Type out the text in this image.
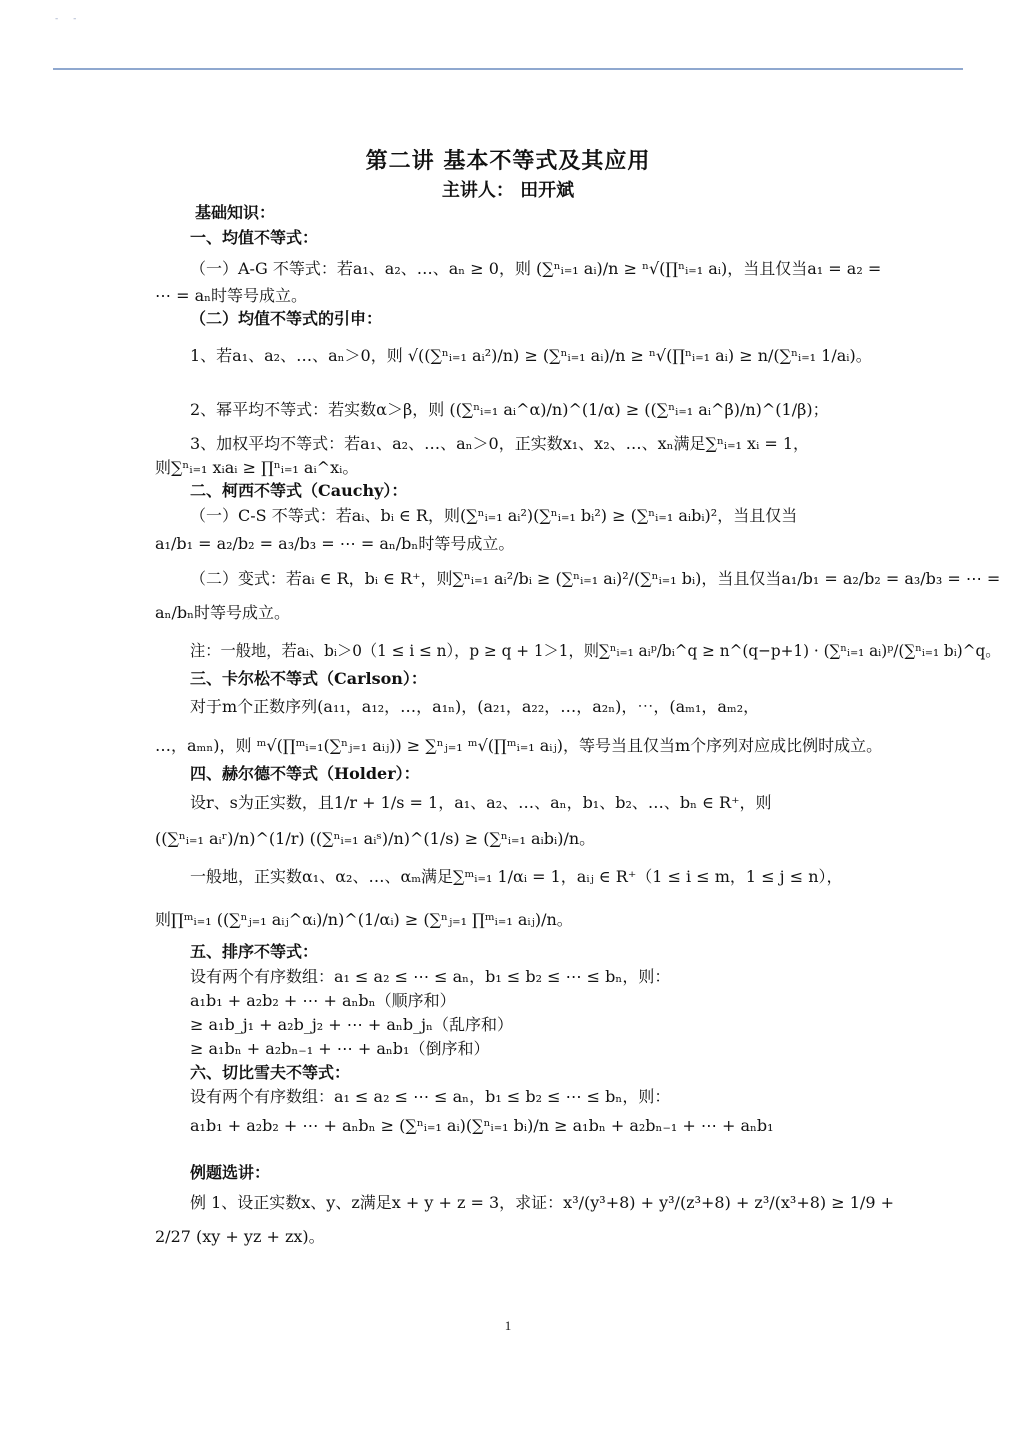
- -
第二讲 基本不等式及其应用
主讲人： 田开斌
基础知识：
一、均值不等式：
（一）A-G 不等式：若a₁、a₂、…、aₙ ≥ 0，则 (∑ⁿᵢ₌₁ aᵢ)/n ≥ ⁿ√(∏ⁿᵢ₌₁ aᵢ)，当且仅当a₁ = a₂ =
⋯ = aₙ时等号成立。
（二）均值不等式的引申：
1、若a₁、a₂、…、aₙ＞0，则 √((∑ⁿᵢ₌₁ aᵢ²)/n) ≥ (∑ⁿᵢ₌₁ aᵢ)/n ≥ ⁿ√(∏ⁿᵢ₌₁ aᵢ) ≥ n/(∑ⁿᵢ₌₁ 1/aᵢ)。
2、幂平均不等式：若实数α＞β，则 ((∑ⁿᵢ₌₁ aᵢ^α)/n)^(1/α) ≥ ((∑ⁿᵢ₌₁ aᵢ^β)/n)^(1/β)；
3、加权平均不等式：若a₁、a₂、…、aₙ＞0，正实数x₁、x₂、…、xₙ满足∑ⁿᵢ₌₁ xᵢ = 1，
则∑ⁿᵢ₌₁ xᵢaᵢ ≥ ∏ⁿᵢ₌₁ aᵢ^xᵢ。
二、柯西不等式（Cauchy）：
（一）C-S 不等式：若aᵢ、bᵢ ∈ R，则(∑ⁿᵢ₌₁ aᵢ²)(∑ⁿᵢ₌₁ bᵢ²) ≥ (∑ⁿᵢ₌₁ aᵢbᵢ)²，当且仅当
a₁/b₁ = a₂/b₂ = a₃/b₃ = ⋯ = aₙ/bₙ时等号成立。
（二）变式：若aᵢ ∈ R，bᵢ ∈ R⁺，则∑ⁿᵢ₌₁ aᵢ²/bᵢ ≥ (∑ⁿᵢ₌₁ aᵢ)²/(∑ⁿᵢ₌₁ bᵢ)，当且仅当a₁/b₁ = a₂/b₂ = a₃/b₃ = ⋯ =
aₙ/bₙ时等号成立。
注：一般地，若aᵢ、bᵢ＞0（1 ≤ i ≤ n），p ≥ q + 1＞1，则∑ⁿᵢ₌₁ aᵢᵖ/bᵢ^q ≥ n^(q−p+1) · (∑ⁿᵢ₌₁ aᵢ)ᵖ/(∑ⁿᵢ₌₁ bᵢ)^q。
三、卡尔松不等式（Carlson）：
对于m个正数序列(a₁₁，a₁₂，…，a₁ₙ)，(a₂₁，a₂₂，…，a₂ₙ)，⋯，(aₘ₁，aₘ₂，
…，aₘₙ)，则 ᵐ√(∏ᵐᵢ₌₁(∑ⁿⱼ₌₁ aᵢⱼ)) ≥ ∑ⁿⱼ₌₁ ᵐ√(∏ᵐᵢ₌₁ aᵢⱼ)，等号当且仅当m个序列对应成比例时成立。
四、赫尔德不等式（Holder）：
设r、s为正实数，且1/r + 1/s = 1，a₁、a₂、…、aₙ，b₁、b₂、…、bₙ ∈ R⁺，则
((∑ⁿᵢ₌₁ aᵢʳ)/n)^(1/r) ((∑ⁿᵢ₌₁ aᵢˢ)/n)^(1/s) ≥ (∑ⁿᵢ₌₁ aᵢbᵢ)/n。
一般地，正实数α₁、α₂、…、αₘ满足∑ᵐᵢ₌₁ 1/αᵢ = 1，aᵢⱼ ∈ R⁺（1 ≤ i ≤ m，1 ≤ j ≤ n），
则∏ᵐᵢ₌₁ ((∑ⁿⱼ₌₁ aᵢⱼ^αᵢ)/n)^(1/αᵢ) ≥ (∑ⁿⱼ₌₁ ∏ᵐᵢ₌₁ aᵢⱼ)/n。
五、排序不等式：
设有两个有序数组：a₁ ≤ a₂ ≤ ⋯ ≤ aₙ，b₁ ≤ b₂ ≤ ⋯ ≤ bₙ，则：
a₁b₁ + a₂b₂ + ⋯ + aₙbₙ（顺序和）
≥ a₁b_j₁ + a₂b_j₂ + ⋯ + aₙb_jₙ（乱序和）
≥ a₁bₙ + a₂bₙ₋₁ + ⋯ + aₙb₁（倒序和）
六、切比雪夫不等式：
设有两个有序数组：a₁ ≤ a₂ ≤ ⋯ ≤ aₙ，b₁ ≤ b₂ ≤ ⋯ ≤ bₙ，则：
a₁b₁ + a₂b₂ + ⋯ + aₙbₙ ≥ (∑ⁿᵢ₌₁ aᵢ)(∑ⁿᵢ₌₁ bᵢ)/n ≥ a₁bₙ + a₂bₙ₋₁ + ⋯ + aₙb₁
例题选讲：
例 1、设正实数x、y、z满足x + y + z = 3，求证：x³/(y³+8) + y³/(z³+8) + z³/(x³+8) ≥ 1/9 +
2/27 (xy + yz + zx)。
1
